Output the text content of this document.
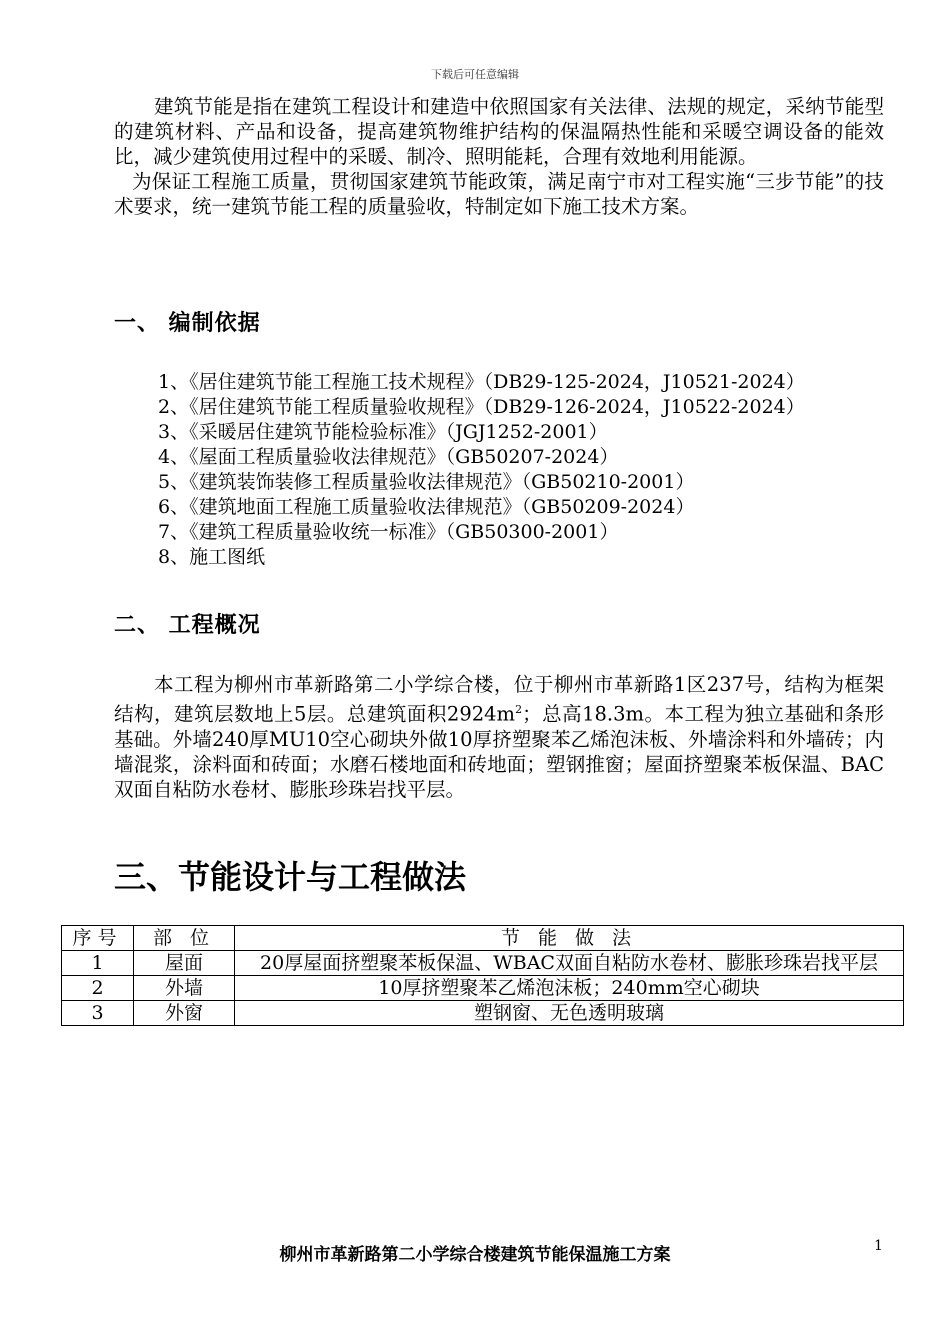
下载后可任意编辑

建筑节能是指在建筑工程设计和建造中依照国家有关法律、法规的规定，采纳节能型的建筑材料、产品和设备，提高建筑物维护结构的保温隔热性能和采暖空调设备的能效比，减少建筑使用过程中的采暖、制冷、照明能耗，合理有效地利用能源。

为保证工程施工质量，贯彻国家建筑节能政策，满足南宁市对工程实施“三步节能”的技术要求，统一建筑节能工程的质量验收，特制定如下施工技术方案。

一、 编制依据
1、《居住建筑节能工程施工技术规程》（DB29-125-2024，J10521-2024）
2、《居住建筑节能工程质量验收规程》（DB29-126-2024，J10522-2024）
3、《采暖居住建筑节能检验标准》（JGJ1252-2001）
4、《屋面工程质量验收法律规范》（GB50207-2024）
5、《建筑装饰装修工程质量验收法律规范》（GB50210-2001）
6、《建筑地面工程施工质量验收法律规范》（GB50209-2024）
7、《建筑工程质量验收统一标准》（GB50300-2001）
8、施工图纸
二、 工程概况

本工程为柳州市革新路第二小学综合楼，位于柳州市革新路1区237号，结构为框架结构，建筑层数地上5层。总建筑面积$2924m^2$；总高18.3m。本工程为独立基础和条形基础。外墙240厚MU10空心砌块外做10厚挤塑聚苯乙烯泡沫板、外墙涂料和外墙砖；内墙混浆，涂料面和砖面；水磨石楼地面和砖地面；塑钢推窗；屋面挤塑聚苯板保温、BAC双面自粘防水卷材、膨胀珍珠岩找平层。

三、节能设计与工程做法
序号	部 位	节 能 做 法
1	屋面	20厚屋面挤塑聚苯板保温、WBAC双面自粘防水卷材、膨胀珍珠岩找平层
2	外墙	10厚挤塑聚苯乙烯泡沫板；240mm空心砌块
3	外窗	塑钢窗、无色透明玻璃
柳州市革新路第二小学综合楼建筑节能保温施工方案	1
